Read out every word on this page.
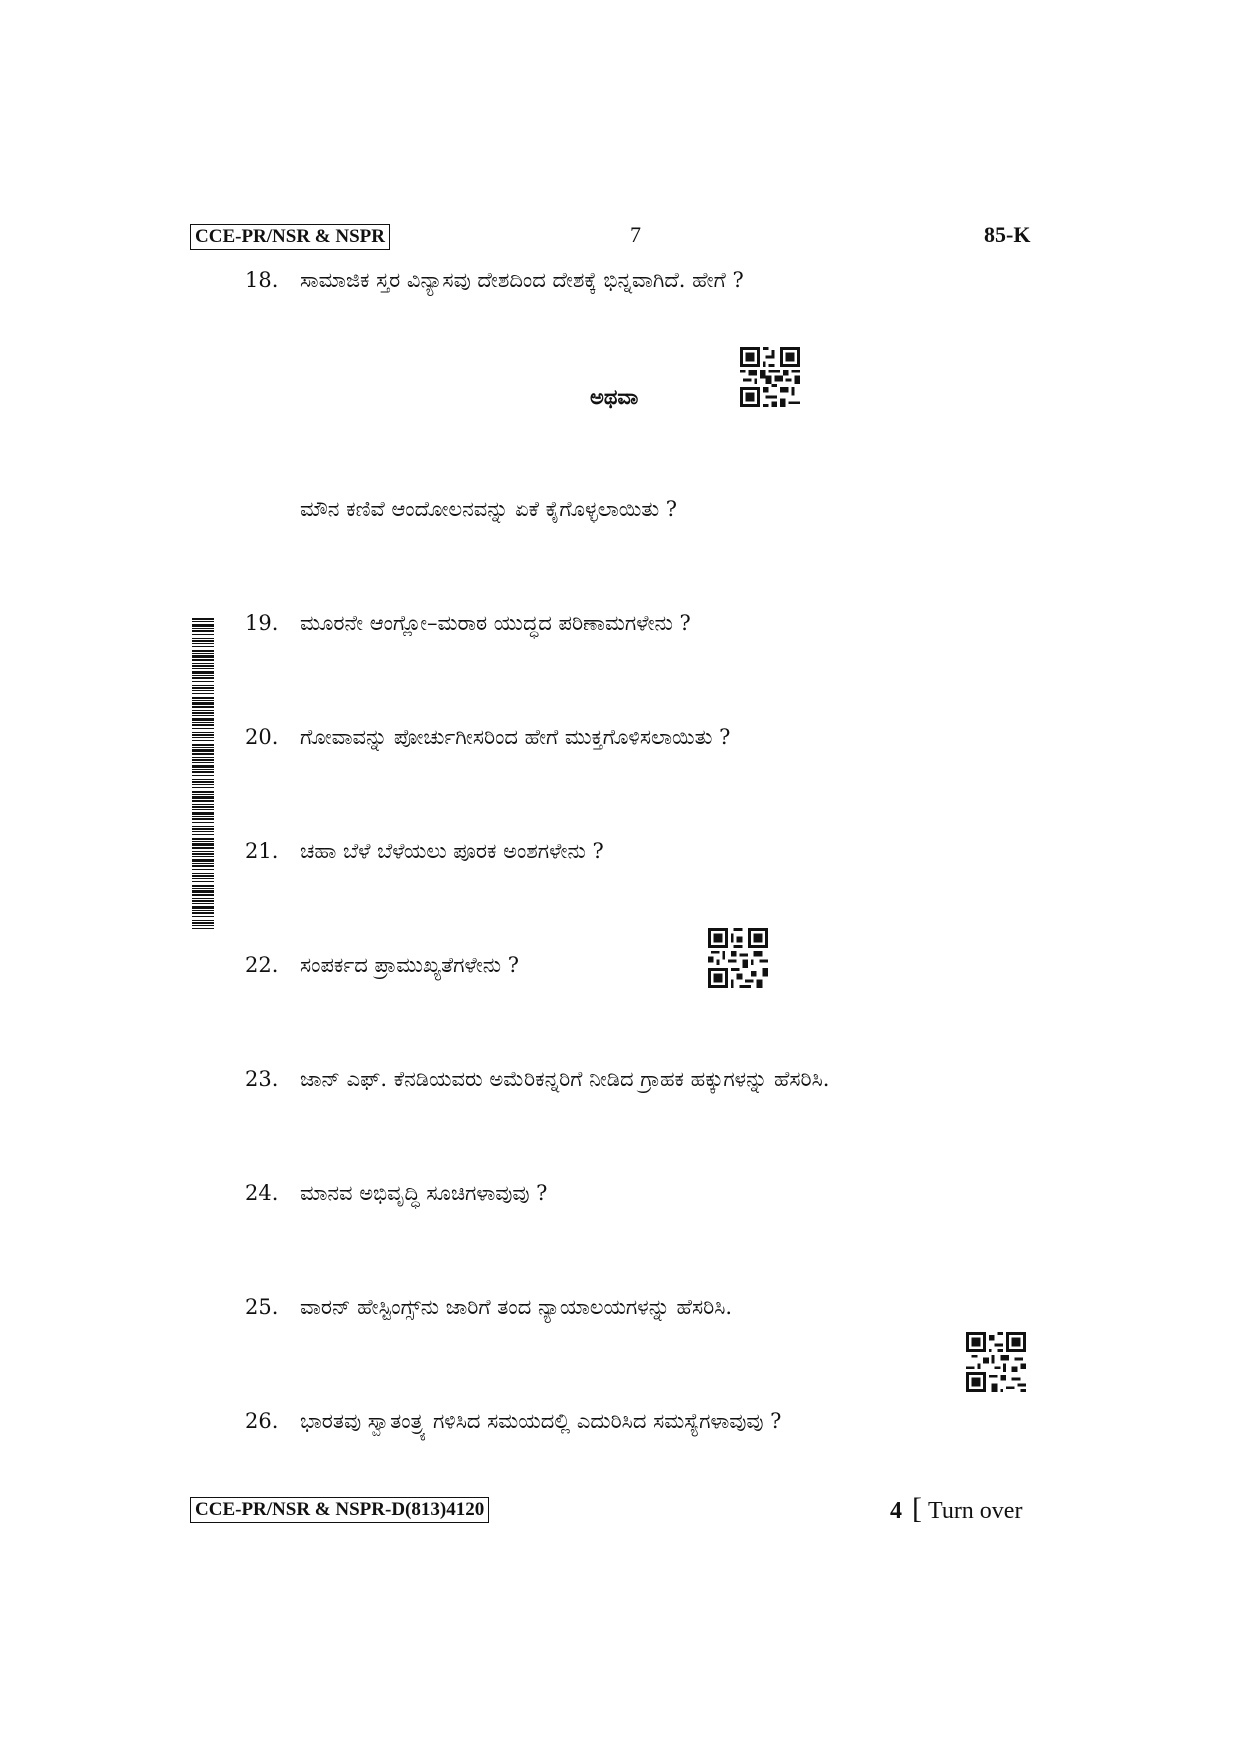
CCE-PR/NSR & NSPR	7	85-K
18.	ಸಾಮಾಜಿಕ ಸ್ತರ ವಿನ್ಯಾಸವು ದೇಶದಿಂದ ದೇಶಕ್ಕೆ ಭಿನ್ನವಾಗಿದೆ. ಹೇಗೆ ?
ಅಥವಾ
ಮೌನ ಕಣಿವೆ ಆಂದೋಲನವನ್ನು ಏಕೆ ಕೈಗೊಳ್ಳಲಾಯಿತು ?
19.	ಮೂರನೇ ಆಂಗ್ಲೋ–ಮರಾಠ ಯುದ್ಧದ ಪರಿಣಾಮಗಳೇನು ?
20.	ಗೋವಾವನ್ನು ಪೋರ್ಚುಗೀಸರಿಂದ ಹೇಗೆ ಮುಕ್ತಗೊಳಿಸಲಾಯಿತು ?
21.	ಚಹಾ ಬೆಳೆ ಬೆಳೆಯಲು ಪೂರಕ ಅಂಶಗಳೇನು ?
22.	ಸಂಪರ್ಕದ ಪ್ರಾಮುಖ್ಯತೆಗಳೇನು ?
23.	ಜಾನ್ ಎಫ್. ಕೆನಡಿಯವರು ಅಮೆರಿಕನ್ನರಿಗೆ ನೀಡಿದ ಗ್ರಾಹಕ ಹಕ್ಕುಗಳನ್ನು ಹೆಸರಿಸಿ.
24.	ಮಾನವ ಅಭಿವೃದ್ಧಿ ಸೂಚಿಗಳಾವುವು ?
25.	ವಾರನ್ ಹೇಸ್ಟಿಂಗ್ಸ್‌ನು ಜಾರಿಗೆ ತಂದ ನ್ಯಾಯಾಲಯಗಳನ್ನು ಹೆಸರಿಸಿ.
26.	ಭಾರತವು ಸ್ವಾತಂತ್ರ್ಯ ಗಳಿಸಿದ ಸಮಯದಲ್ಲಿ ಎದುರಿಸಿದ ಸಮಸ್ಯೆಗಳಾವುವು ?
CCE-PR/NSR & NSPR-D(813)4120	4 [ Turn over
